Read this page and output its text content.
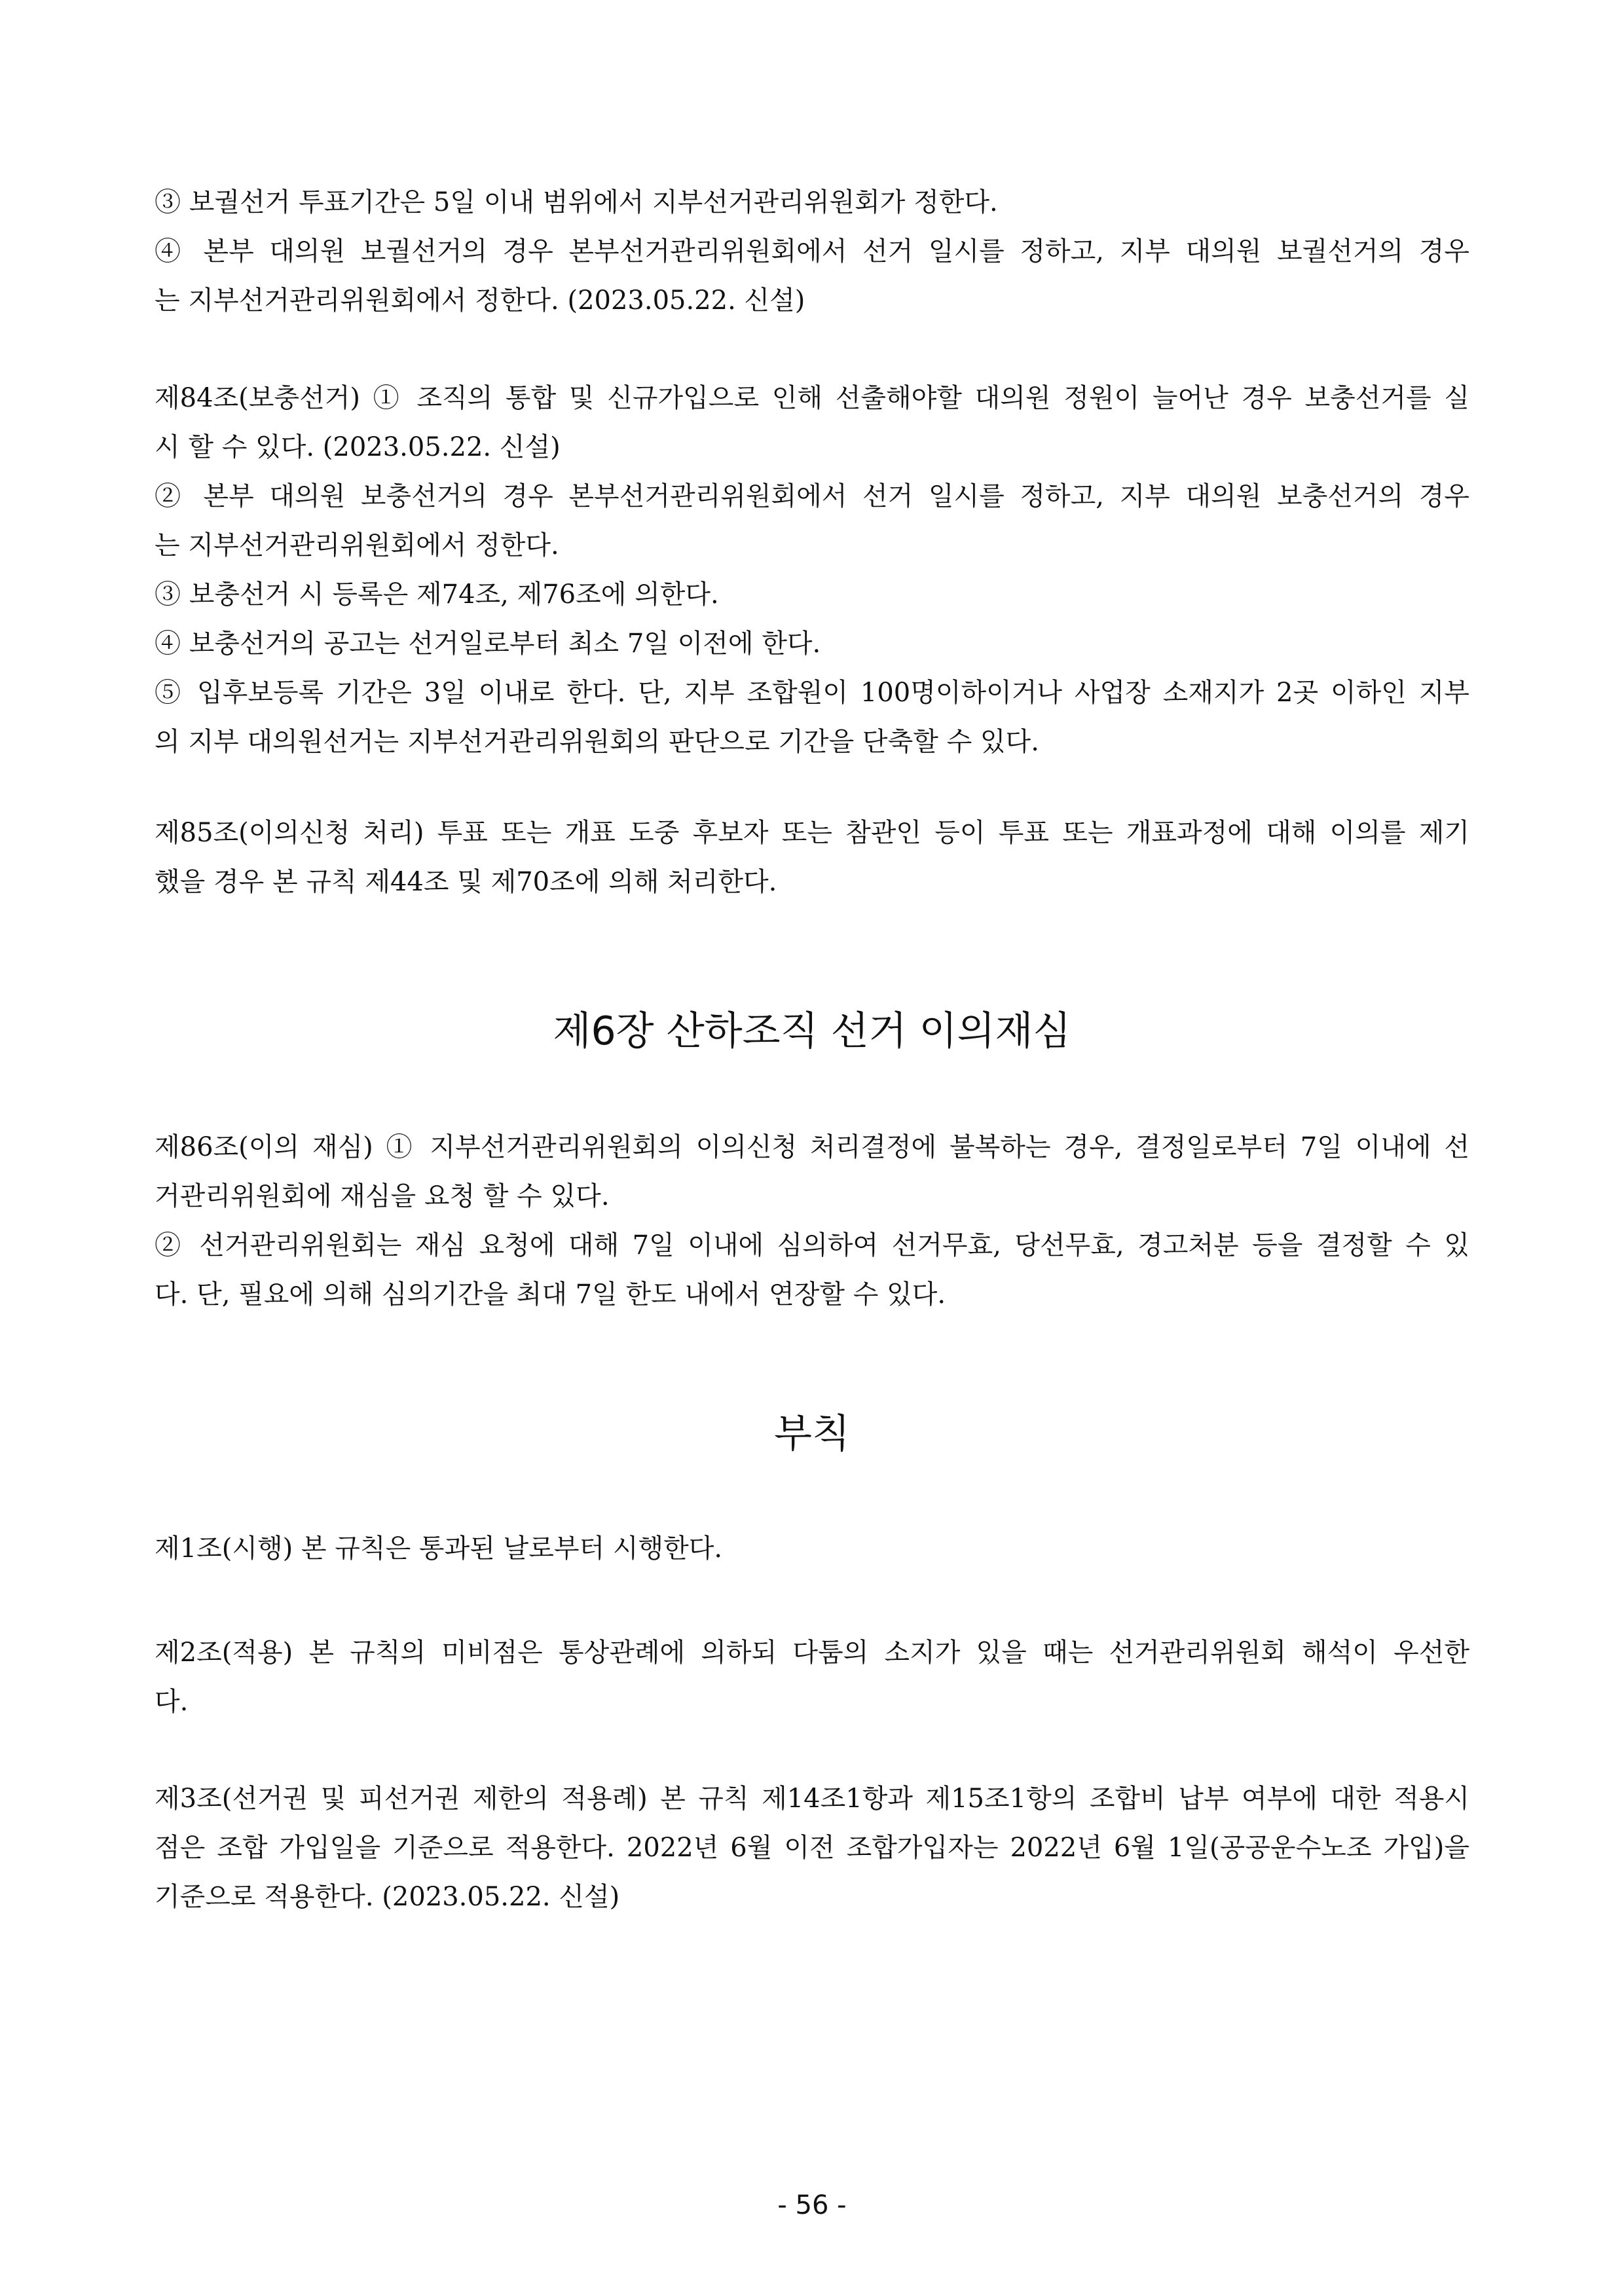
③ 보궐선거 투표기간은 5일 이내 범위에서 지부선거관리위원회가 정한다.
④ 본부 대의원 보궐선거의 경우 본부선거관리위원회에서 선거 일시를 정하고, 지부 대의원 보궐선거의 경우
는 지부선거관리위원회에서 정한다. (2023.05.22. 신설)
제84조(보충선거) ① 조직의 통합 및 신규가입으로 인해 선출해야할 대의원 정원이 늘어난 경우 보충선거를 실
시 할 수 있다. (2023.05.22. 신설)
② 본부 대의원 보충선거의 경우 본부선거관리위원회에서 선거 일시를 정하고, 지부 대의원 보충선거의 경우
는 지부선거관리위원회에서 정한다.
③ 보충선거 시 등록은 제74조, 제76조에 의한다.
④ 보충선거의 공고는 선거일로부터 최소 7일 이전에 한다.
⑤ 입후보등록 기간은 3일 이내로 한다. 단, 지부 조합원이 100명이하이거나 사업장 소재지가 2곳 이하인 지부
의 지부 대의원선거는 지부선거관리위원회의 판단으로 기간을 단축할 수 있다.
제85조(이의신청 처리) 투표 또는 개표 도중 후보자 또는 참관인 등이 투표 또는 개표과정에 대해 이의를 제기
했을 경우 본 규칙 제44조 및 제70조에 의해 처리한다.
제6장 산하조직 선거 이의재심
제86조(이의 재심) ① 지부선거관리위원회의 이의신청 처리결정에 불복하는 경우, 결정일로부터 7일 이내에 선
거관리위원회에 재심을 요청 할 수 있다.
② 선거관리위원회는 재심 요청에 대해 7일 이내에 심의하여 선거무효, 당선무효, 경고처분 등을 결정할 수 있
다. 단, 필요에 의해 심의기간을 최대 7일 한도 내에서 연장할 수 있다.
부칙
제1조(시행) 본 규칙은 통과된 날로부터 시행한다.
제2조(적용) 본 규칙의 미비점은 통상관례에 의하되 다툼의 소지가 있을 때는 선거관리위원회 해석이 우선한
다.
제3조(선거권 및 피선거권 제한의 적용례) 본 규칙 제14조1항과 제15조1항의 조합비 납부 여부에 대한 적용시
점은 조합 가입일을 기준으로 적용한다. 2022년 6월 이전 조합가입자는 2022년 6월 1일(공공운수노조 가입)을
기준으로 적용한다. (2023.05.22. 신설)
- 56 -
